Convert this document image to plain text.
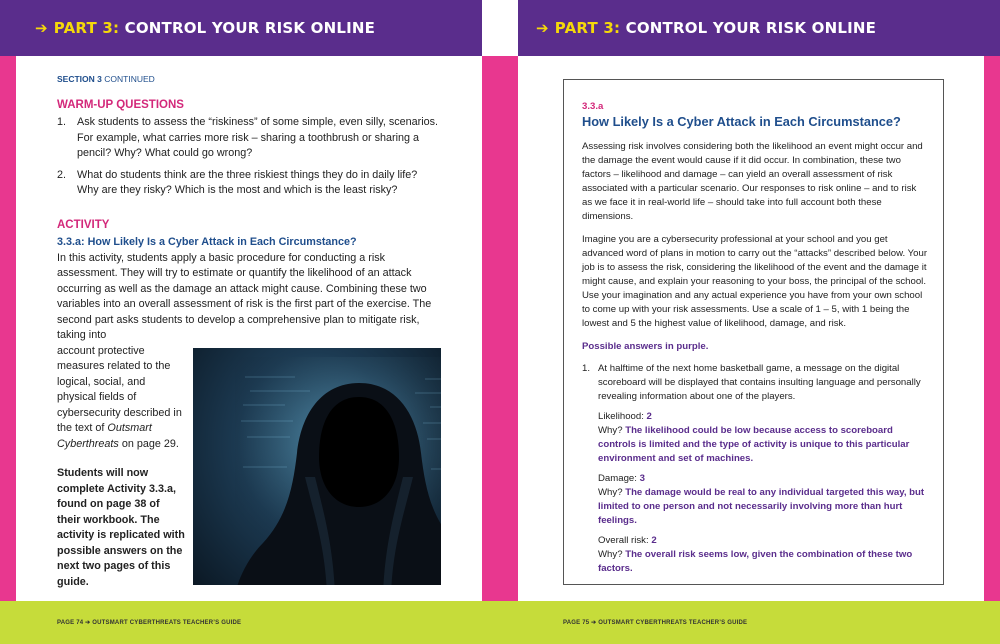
➔ PART 3: CONTROL YOUR RISK ONLINE	➔ PART 3: CONTROL YOUR RISK ONLINE
SECTION 3 CONTINUED
WARM-UP QUESTIONS
1. Ask students to assess the “riskiness” of some simple, even silly, scenarios. For example, what carries more risk – sharing a toothbrush or sharing a pencil? Why? What could go wrong?
2. What do students think are the three riskiest things they do in daily life? Why are they risky? Which is the most and which is the least risky?
ACTIVITY
3.3.a: How Likely Is a Cyber Attack in Each Circumstance?
In this activity, students apply a basic procedure for conducting a risk assessment. They will try to estimate or quantify the likelihood of an attack occurring as well as the damage an attack might cause. Combining these two variables into an overall assessment of risk is the first part of the exercise. The second part asks students to develop a comprehensive plan to mitigate risk, taking into

account protective measures related to the logical, social, and physical fields of cybersecurity described in the text of Outsmart Cyberthreats on page 29.
Students will now complete Activity 3.3.a, found on page 38 of their workbook. The activity is replicated with possible answers on the next two pages of this guide.
3.3.a
How Likely Is a Cyber Attack in Each Circumstance?
Assessing risk involves considering both the likelihood an event might occur and the damage the event would cause if it did occur. In combination, these two factors – likelihood and damage – can yield an overall assessment of risk associated with a particular scenario. Our responses to risk online – and to risk as we face it in real-world life – should take into full account both these dimensions.
Imagine you are a cybersecurity professional at your school and you get advanced word of plans in motion to carry out the “attacks” described below. Your job is to assess the risk, considering the likelihood of the event and the damage it might cause, and explain your reasoning to your boss, the principal of the school. Use your imagination and any actual experience you have from your own school to come up with your risk assessments. Use a scale of 1 – 5, with 1 being the lowest and 5 the highest value of likelihood, damage, and risk.
Possible answers in purple.
1. At halftime of the next home basketball game, a message on the digital scoreboard will be displayed that contains insulting language and personally revealing information about one of the players.
Likelihood: 2
Why? The likelihood could be low because access to scoreboard controls is limited and the type of activity is unique to this particular environment and set of machines.
Damage: 3
Why? The damage would be real to any individual targeted this way, but limited to one person and not necessarily involving more than hurt feelings.
Overall risk: 2
Why? The overall risk seems low, given the combination of these two factors.
PAGE 74 ➔ OUTSMART CYBERTHREATS TEACHER’S GUIDE	PAGE 75 ➔ OUTSMART CYBERTHREATS TEACHER’S GUIDE
